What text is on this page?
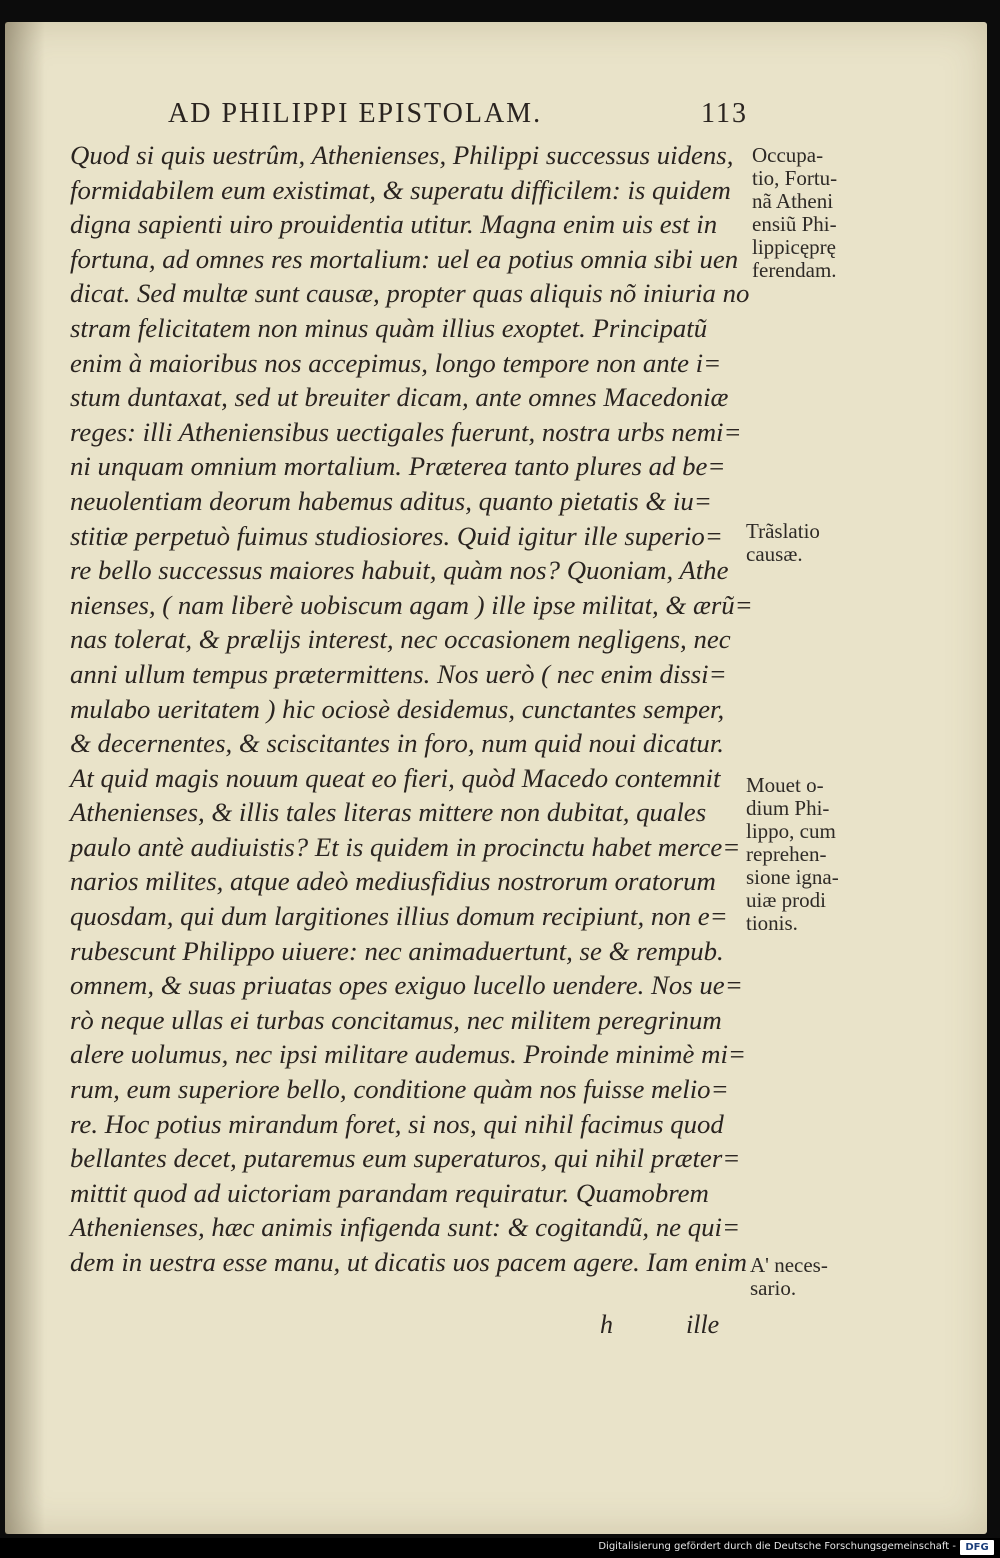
AD PHILIPPI EPISTOLAM.	113
Quod si quis uestrûm, Athenienses, Philippi successus uidens,
formidabilem eum existimat, & superatu difficilem: is quidem
digna sapienti uiro prouidentia utitur. Magna enim uis est in
fortuna, ad omnes res mortalium: uel ea potius omnia sibi uen
dicat. Sed multæ sunt causæ, propter quas aliquis nõ iniuria no
stram felicitatem non minus quàm illius exoptet. Principatũ
enim à maioribus nos accepimus, longo tempore non ante i=
stum duntaxat, sed ut breuiter dicam, ante omnes Macedoniæ
reges: illi Atheniensibus uectigales fuerunt, nostra urbs nemi=
ni unquam omnium mortalium. Præterea tanto plures ad be=
neuolentiam deorum habemus aditus, quanto pietatis & iu=
stitiæ perpetuò fuimus studiosiores. Quid igitur ille superio=
re bello successus maiores habuit, quàm nos? Quoniam, Athe
nienses, ( nam liberè uobiscum agam ) ille ipse militat, & ærũ=
nas tolerat, & prælijs interest, nec occasionem negligens, nec
anni ullum tempus prætermittens. Nos uerò ( nec enim dissi=
mulabo ueritatem ) hic ociosè desidemus, cunctantes semper,
& decernentes, & sciscitantes in foro, num quid noui dicatur.
At quid magis nouum queat eo fieri, quòd Macedo contemnit
Athenienses, & illis tales literas mittere non dubitat, quales
paulo antè audiuistis? Et is quidem in procinctu habet merce=
narios milites, atque adeò mediusfidius nostrorum oratorum
quosdam, qui dum largitiones illius domum recipiunt, non e=
rubescunt Philippo uiuere: nec animaduertunt, se & rempub.
omnem, & suas priuatas opes exiguo lucello uendere. Nos ue=
rò neque ullas ei turbas concitamus, nec militem peregrinum
alere uolumus, nec ipsi militare audemus. Proinde minimè mi=
rum, eum superiore bello, conditione quàm nos fuisse melio=
re. Hoc potius mirandum foret, si nos, qui nihil facimus quod
bellantes decet, putaremus eum superaturos, qui nihil præter=
mittit quod ad uictoriam parandam requiratur. Quamobrem
Athenienses, hæc animis infigenda sunt: & cogitandũ, ne qui=
dem in uestra esse manu, ut dicatis uos pacem agere. Iam enim
Occupa-
tio, Fortu-
nã Atheni
ensiũ Phi-
lippicęprę
ferendam.
Trãslatio
causæ.
Mouet o-
dium Phi-
lippo, cum
reprehen-
sione igna-
uiæ prodi
tionis.
A' neces-
sario.
h	ille
Digitalisierung gefördert durch die Deutsche Forschungsgemeinschaft - DFG
